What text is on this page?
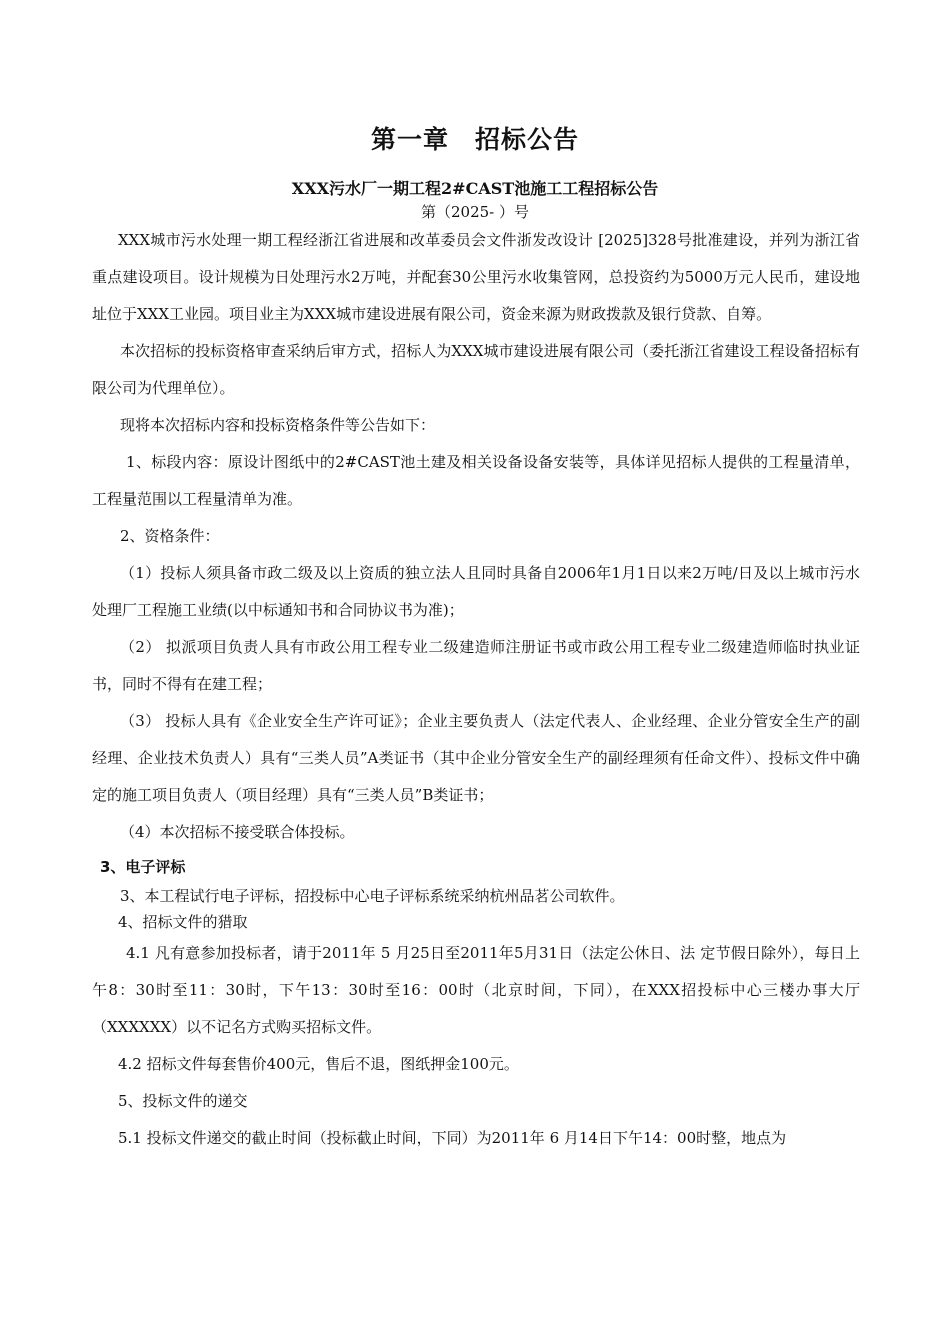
第一章　招标公告
XXX污水厂一期工程2#CAST池施工工程招标公告
第（2025- ）号

XXX城市污水处理一期工程经浙江省进展和改革委员会文件浙发改设计 [2025]328号批准建设，并列为浙江省重点建设项目。设计规模为日处理污水2万吨，并配套30公里污水收集管网，总投资约为5000万元人民币，建设地址位于XXX工业园。项目业主为XXX城市建设进展有限公司，资金来源为财政拨款及银行贷款、自筹。

本次招标的投标资格审查采纳后审方式，招标人为XXX城市建设进展有限公司（委托浙江省建设工程设备招标有限公司为代理单位）。

现将本次招标内容和投标资格条件等公告如下：

1、标段内容：原设计图纸中的2#CAST池土建及相关设备设备安装等，具体详见招标人提供的工程量清单，工程量范围以工程量清单为准。

2、资格条件：

（1）投标人须具备市政二级及以上资质的独立法人且同时具备自2006年1月1日以来2万吨/日及以上城市污水处理厂工程施工业绩(以中标通知书和合同协议书为准)；

（2） 拟派项目负责人具有市政公用工程专业二级建造师注册证书或市政公用工程专业二级建造师临时执业证书，同时不得有在建工程；

（3） 投标人具有《企业安全生产许可证》；企业主要负责人（法定代表人、企业经理、企业分管安全生产的副经理、企业技术负责人）具有“三类人员”A类证书（其中企业分管安全生产的副经理须有任命文件）、投标文件中确定的施工项目负责人（项目经理）具有“三类人员”B类证书；

（4）本次招标不接受联合体投标。

3、电子评标

3、本工程试行电子评标，招投标中心电子评标系统采纳杭州品茗公司软件。

4、招标文件的猎取

4.1 凡有意参加投标者，请于2011年 5 月25日至2011年5月31日（法定公休日、法 定节假日除外），每日上午8：30时至11：30时，下午13：30时至16：00时（北京时间，下同），在XXX招投标中心三楼办事大厅（XXXXXX）以不记名方式购买招标文件。

4.2 招标文件每套售价400元，售后不退，图纸押金100元。

5、投标文件的递交

5.1 投标文件递交的截止时间（投标截止时间，下同）为2011年 6 月14日下午14：00时整，地点为
